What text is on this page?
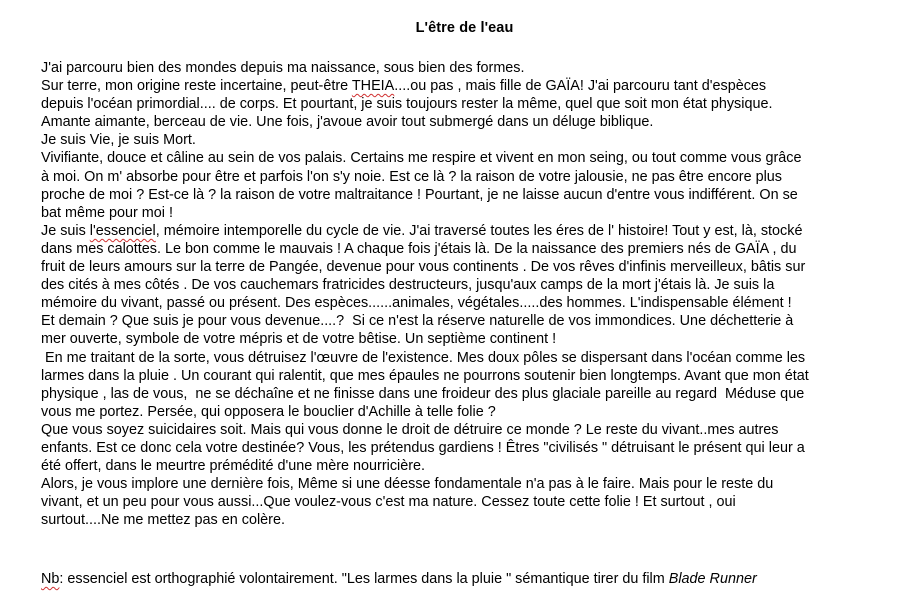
L'être de l'eau
J'ai parcouru bien des mondes depuis ma naissance, sous bien des formes.
Sur terre, mon origine reste incertaine, peut-être THEIA....ou pas , mais fille de GAÏA! J'ai parcouru tant d'espèces
depuis l'océan primordial.... de corps. Et pourtant, je suis toujours rester la même, quel que soit mon état physique.
Amante aimante, berceau de vie. Une fois, j'avoue avoir tout submergé dans un déluge biblique.
Je suis Vie, je suis Mort.
Vivifiante, douce et câline au sein de vos palais. Certains me respire et vivent en mon seing, ou tout comme vous grâce
à moi. On m' absorbe pour être et parfois l'on s'y noie. Est ce là ? la raison de votre jalousie, ne pas être encore plus
proche de moi ? Est-ce là ? la raison de votre maltraitance ! Pourtant, je ne laisse aucun d'entre vous indifférent. On se
bat même pour moi !
Je suis l'essenciel, mémoire intemporelle du cycle de vie. J'ai traversé toutes les éres de l' histoire! Tout y est, là, stocké
dans mes calottes. Le bon comme le mauvais ! A chaque fois j'étais là. De la naissance des premiers nés de GAÏA , du
fruit de leurs amours sur la terre de Pangée, devenue pour vous continents . De vos rêves d'infinis merveilleux, bâtis sur
des cités à mes côtés . De vos cauchemars fratricides destructeurs, jusqu'aux camps de la mort j'étais là. Je suis la
mémoire du vivant, passé ou présent. Des espèces......animales, végétales.....des hommes. L'indispensable élément !
Et demain ? Que suis je pour vous devenue....?  Si ce n'est la réserve naturelle de vos immondices. Une déchetterie à
mer ouverte, symbole de votre mépris et de votre bêtise. Un septième continent !
En me traitant de la sorte, vous détruisez l'œuvre de l'existence. Mes doux pôles se dispersant dans l'océan comme les
larmes dans la pluie . Un courant qui ralentit, que mes épaules ne pourrons soutenir bien longtemps. Avant que mon état
physique , las de vous,  ne se déchaîne et ne finisse dans une froideur des plus glaciale pareille au regard  Méduse que
vous me portez. Persée, qui opposera le bouclier d'Achille à telle folie ?
Que vous soyez suicidaires soit. Mais qui vous donne le droit de détruire ce monde ? Le reste du vivant..mes autres
enfants. Est ce donc cela votre destinée? Vous, les prétendus gardiens ! Êtres "civilisés " détruisant le présent qui leur a
été offert, dans le meurtre prémédité d'une mère nourricière.
Alors, je vous implore une dernière fois, Même si une déesse fondamentale n'a pas à le faire. Mais pour le reste du
vivant, et un peu pour vous aussi...Que voulez-vous c'est ma nature. Cessez toute cette folie ! Et surtout , oui
surtout....Ne me mettez pas en colère.
Nb: essenciel est orthographié volontairement. "Les larmes dans la pluie " sémantique tirer du film Blade Runner
